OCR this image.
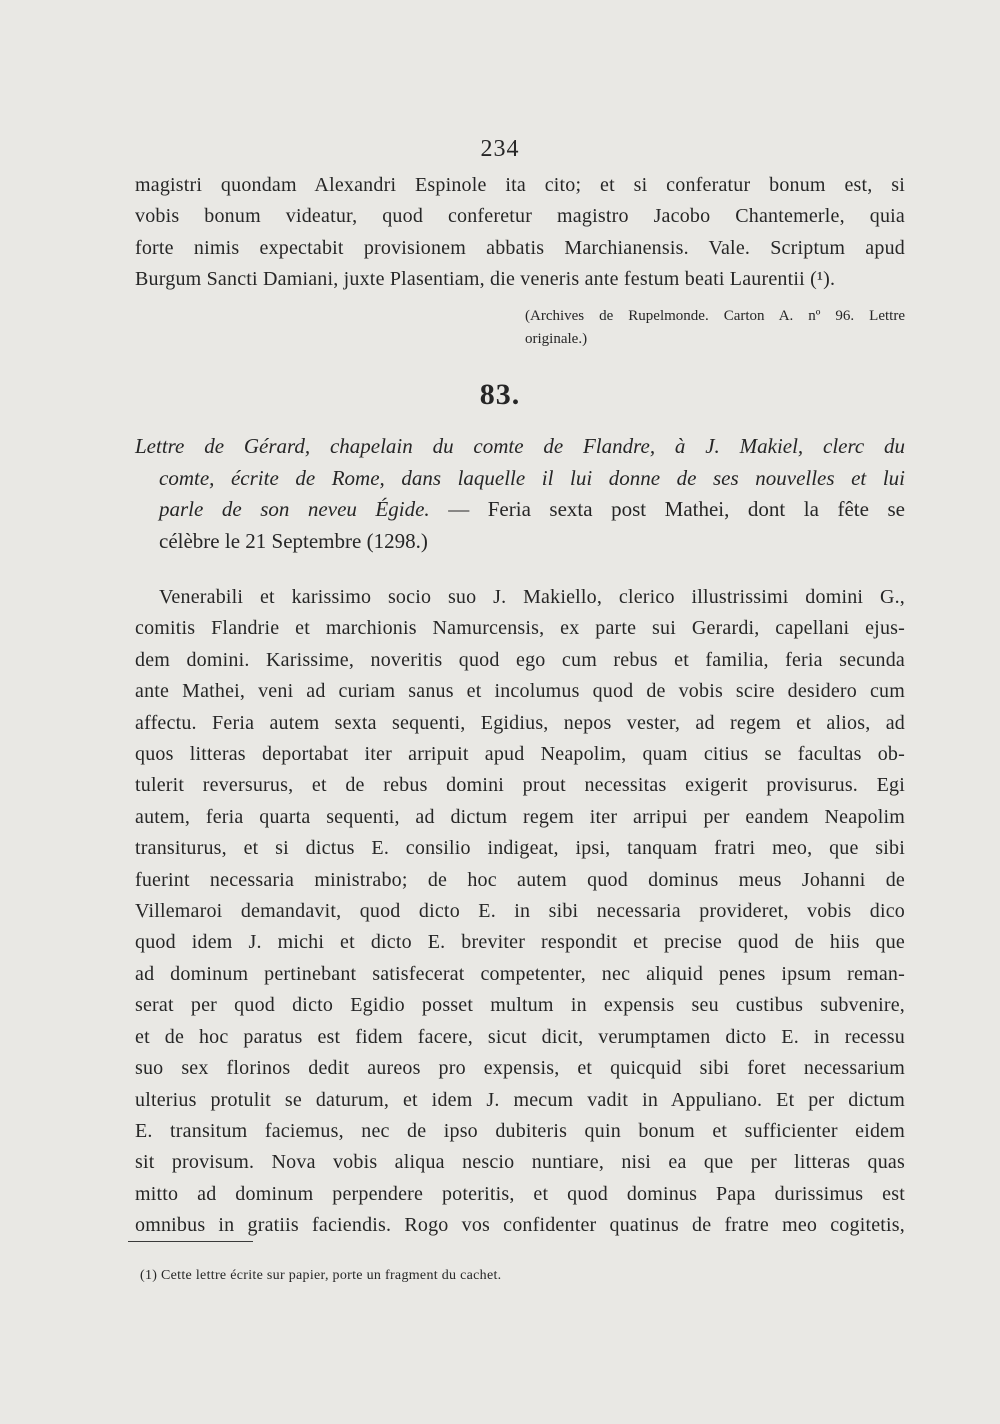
234
magistri quondam Alexandri Espinole ita cito; et si conferatur bonum est, si
vobis bonum videatur, quod conferetur magistro Jacobo Chantemerle, quia
forte nimis expectabit provisionem abbatis Marchianensis. Vale. Scriptum apud
Burgum Sancti Damiani, juxte Plasentiam, die veneris ante festum beati Laurentii (¹).
(Archives de Rupelmonde. Carton A. nº 96. Lettre
originale.)
83.
Lettre de Gérard, chapelain du comte de Flandre, à J. Makiel, clerc du
comte, écrite de Rome, dans laquelle il lui donne de ses nouvelles et lui
parle de son neveu Égide. — Feria sexta post Mathei, dont la fête se
célèbre le 21 Septembre (1298.)
Venerabili et karissimo socio suo J. Makiello, clerico illustrissimi domini G.,
comitis Flandrie et marchionis Namurcensis, ex parte sui Gerardi, capellani ejus-
dem domini. Karissime, noveritis quod ego cum rebus et familia, feria secunda
ante Mathei, veni ad curiam sanus et incolumus quod de vobis scire desidero cum
affectu. Feria autem sexta sequenti, Egidius, nepos vester, ad regem et alios, ad
quos litteras deportabat iter arripuit apud Neapolim, quam citius se facultas ob-
tulerit reversurus, et de rebus domini prout necessitas exigerit provisurus. Egi
autem, feria quarta sequenti, ad dictum regem iter arripui per eandem Neapolim
transiturus, et si dictus E. consilio indigeat, ipsi, tanquam fratri meo, que sibi
fuerint necessaria ministrabo; de hoc autem quod dominus meus Johanni de
Villemaroi demandavit, quod dicto E. in sibi necessaria provideret, vobis dico
quod idem J. michi et dicto E. breviter respondit et precise quod de hiis que
ad dominum pertinebant satisfecerat competenter, nec aliquid penes ipsum reman-
serat per quod dicto Egidio posset multum in expensis seu custibus subvenire,
et de hoc paratus est fidem facere, sicut dicit, verumptamen dicto E. in recessu
suo sex florinos dedit aureos pro expensis, et quicquid sibi foret necessarium
ulterius protulit se daturum, et idem J. mecum vadit in Appuliano. Et per dictum
E. transitum faciemus, nec de ipso dubiteris quin bonum et sufficienter eidem
sit provisum. Nova vobis aliqua nescio nuntiare, nisi ea que per litteras quas
mitto ad dominum perpendere poteritis, et quod dominus Papa durissimus est
omnibus in gratiis faciendis. Rogo vos confidenter quatinus de fratre meo cogitetis,
(1) Cette lettre écrite sur papier, porte un fragment du cachet.
